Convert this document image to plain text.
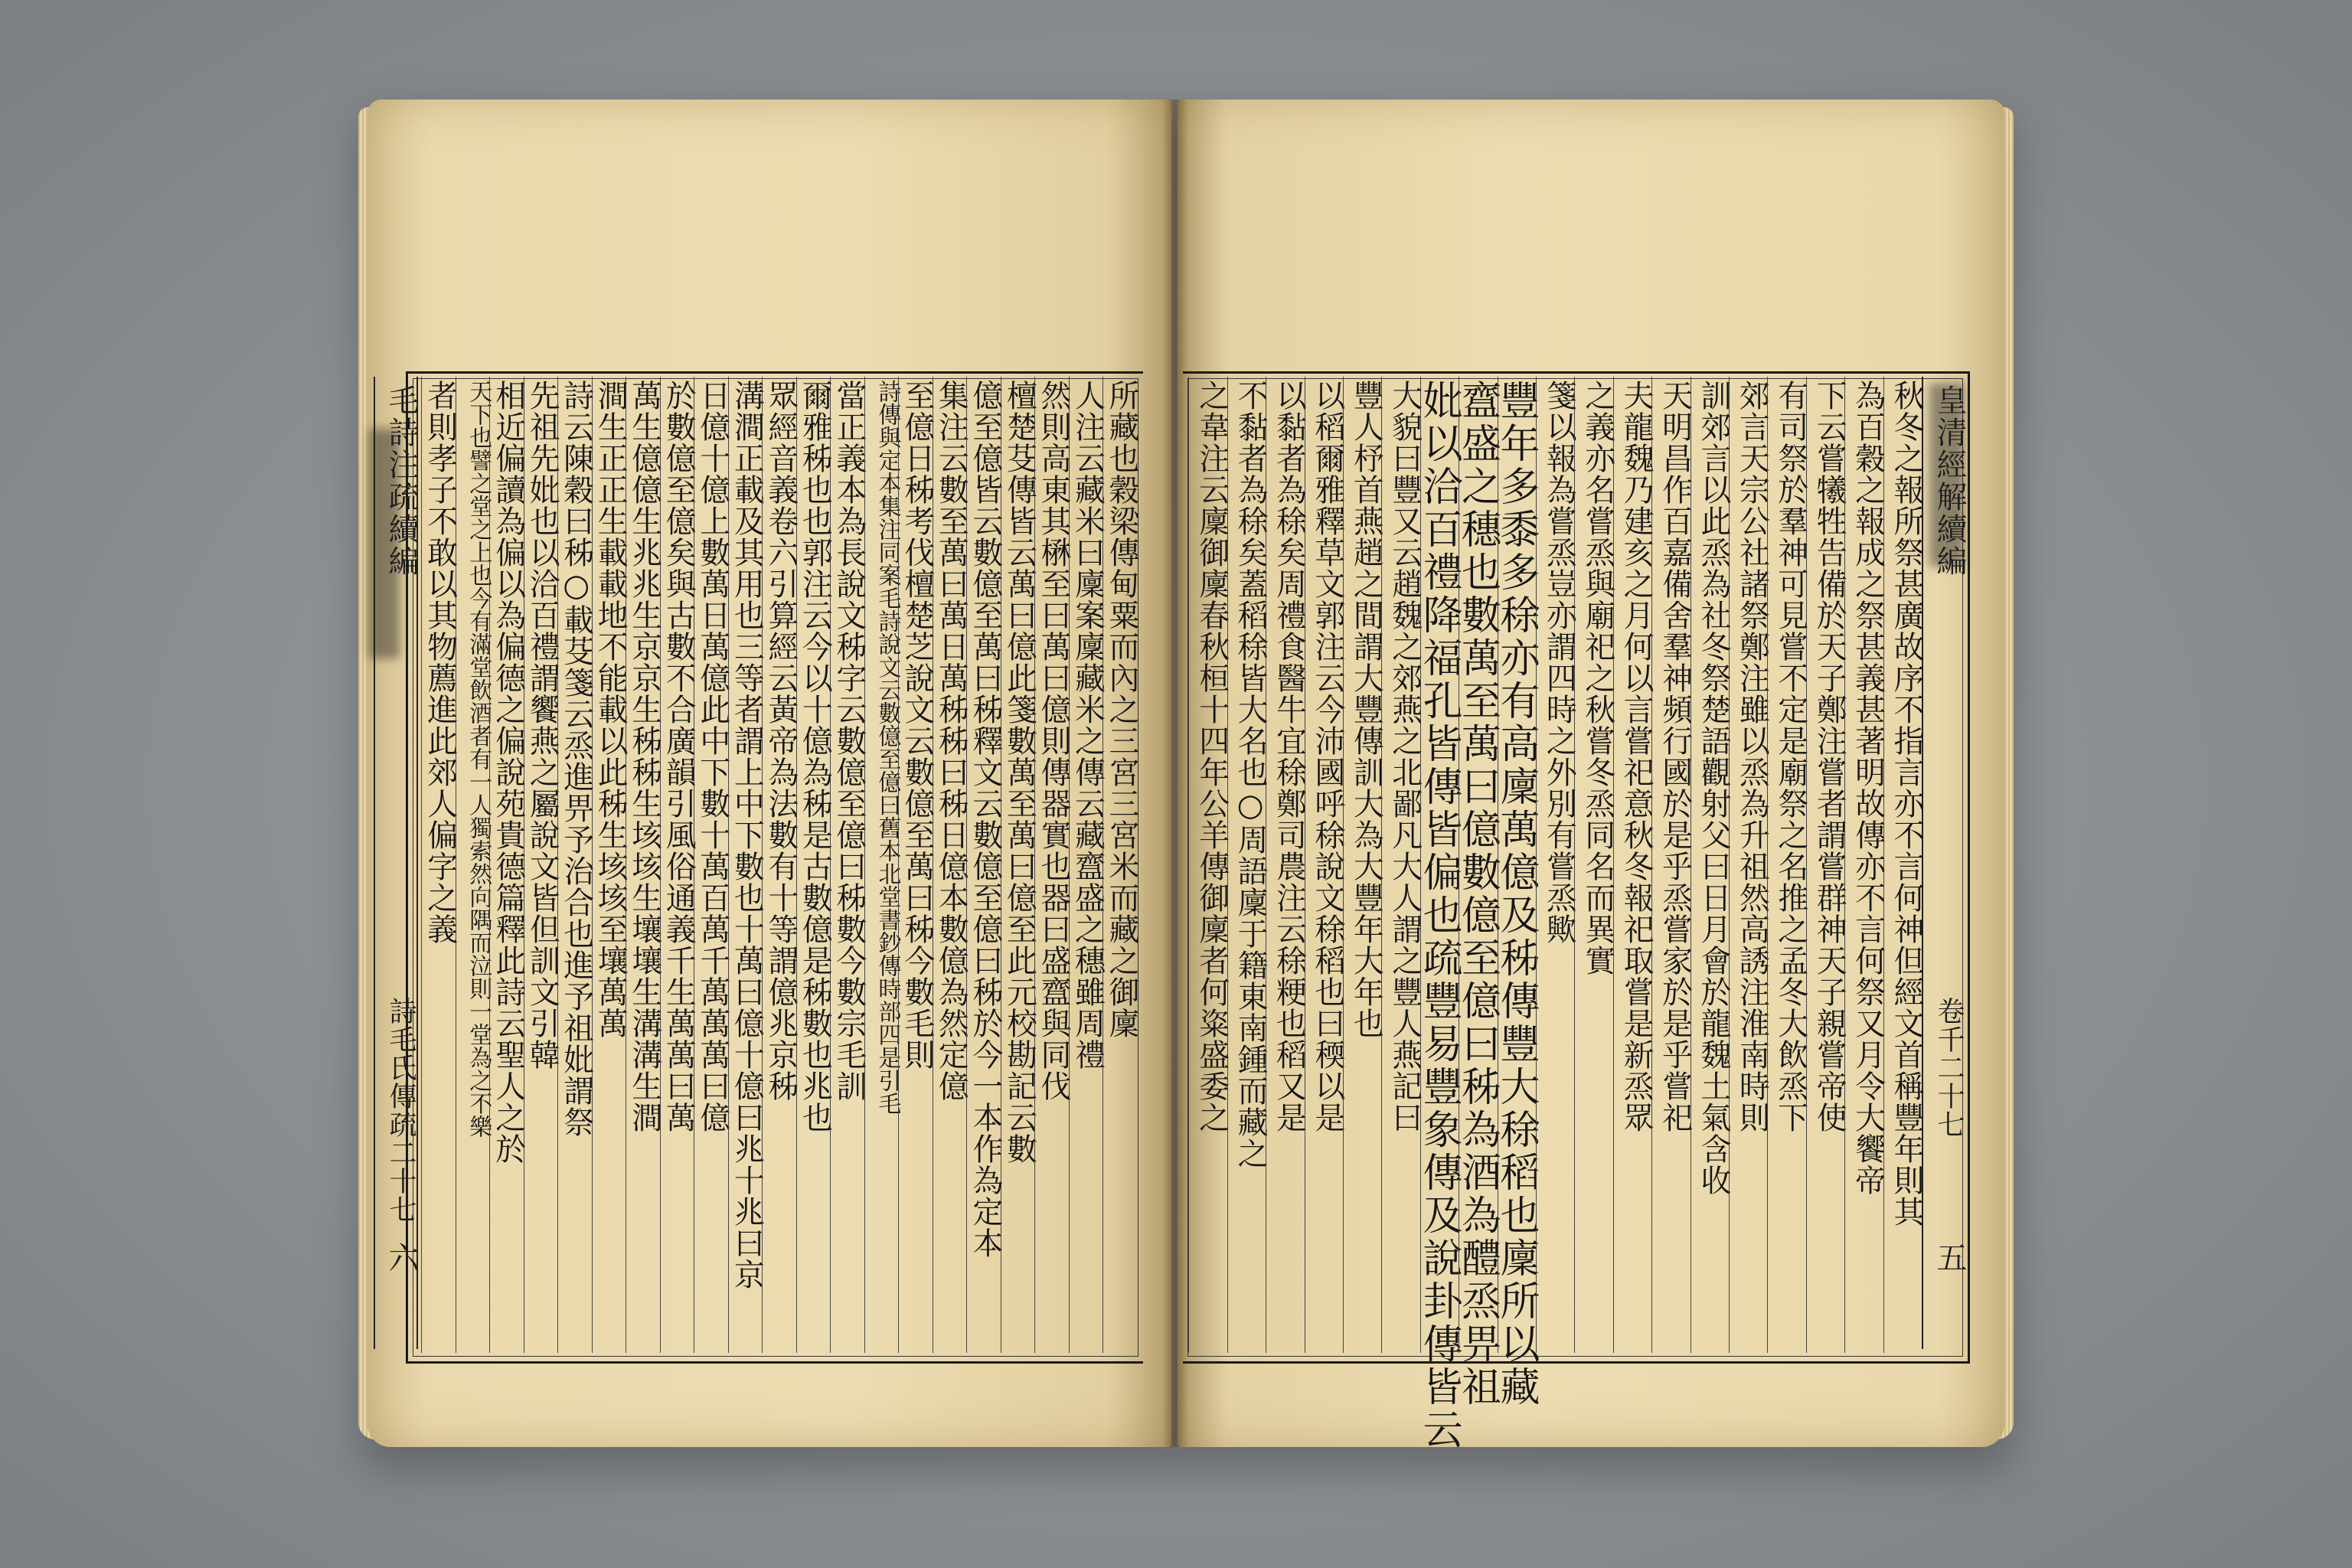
毛詩注疏續編
詩毛氏傳疏二十七
六
皇清經解續編
卷千二十七
五
所藏也穀梁傳甸粟而內之三宮三宮米而藏之御廩
人注云藏米曰廩案廩藏米之傳云藏齍盛之穗雖周禮
然則高東其楙至曰萬曰億則傳器實也器曰盛齍與同伐
檀楚芟傳皆云萬曰億此箋數萬至萬曰億至此元校勘記云數
億至億皆云數億至萬曰秭釋文云數億至億曰秭於今一本作為定本
集注云數至萬曰萬日萬秭秭曰秭日億本數億為然定億
至億日秭考伐檀楚芝說文云數億至萬曰秭今數毛則
詩傳與定本集注同案毛詩說文云數億至億曰舊本北堂書鈔傳時部四是引毛
當正義本為長說文秭字云數億至億曰秭數今數宗毛訓
爾雅秭也也郭注云今以十億為秭是古數億是秭數也兆也
眾經音義卷六引算經云黃帝為法數有十等謂億兆京秭
溝澗正載及其用也三等者謂上中下數也十萬曰億十億曰兆十兆曰京
日億十億上數萬日萬億此中下數十萬百萬千萬萬萬曰億
於數億至億矣與古數不合廣韻引風俗通義千生萬萬曰萬
萬生億億生兆兆生京京生秭秭生垓垓生壤壤生溝溝生澗
澗生正正生載載地不能載以此秭生垓垓至壤萬萬
詩云陳穀曰秭○載芟箋云烝進畀予治合也進予祖妣謂祭
先祖先妣也以洽百禮謂饗燕之屬說文皆但訓文引韓
相近偏讀為偏以為偏德之偏說苑貴德篇釋此詩云聖人之於
天下也譬之堂之上也今有滿堂飲酒者有一人獨索然向隅而泣則一堂為之不樂
者則孝子不敢以其物薦進此郊人偏字之義	秋冬之報所祭甚廣故序不指言亦不言何神但經文首稱豐年則其
為百穀之報成之祭甚義甚著明故傳亦不言何祭又月令大饗帝
下云嘗犧牲告備於天子鄭注嘗者謂嘗群神天子親嘗帝使
有司祭於羣神可見嘗不定是廟祭之名推之孟冬大飲烝下
郊言天宗公社諸祭鄭注雖以烝為升祖然高誘注淮南時則
訓郊言以此烝為社冬祭楚語觀射父曰日月會於龍魏土氣含收
天明昌作百嘉備舍羣神頻行國於是乎烝嘗家於是乎嘗祀
夫龍魏乃建亥之月何以言嘗祀意秋冬報祀取嘗是新烝眾
之義亦名嘗烝與廟祀之秋嘗冬烝同名而異實
箋以報為嘗烝豈亦謂四時之外別有嘗烝歟
豐年多黍多稌亦有高廩萬億及秭傳豐大稌稻也廩所以藏
齍盛之穗也數萬至萬曰億數億至億曰秭為酒為醴烝畀祖
妣以洽百禮降福孔皆傳皆偏也疏豐易豐象傳及說卦傳皆云
大貌曰豐又云趙魏之郊燕之北鄙凡大人謂之豐人燕記曰
豐人杼首燕趙之間謂大豐傳訓大為大豐年大年也
以稻爾雅釋草文郭注云今沛國呼稌說文稌稻也曰稬以是
以黏者為稌矣周禮食醫牛宜稌鄭司農注云稌粳也稻又是
不黏者為稌矣蓋稻稌皆大名也○周語廩于籍東南鍾而藏之
之韋注云廩御廩春秋桓十四年公羊傳御廩者何粢盛委之
